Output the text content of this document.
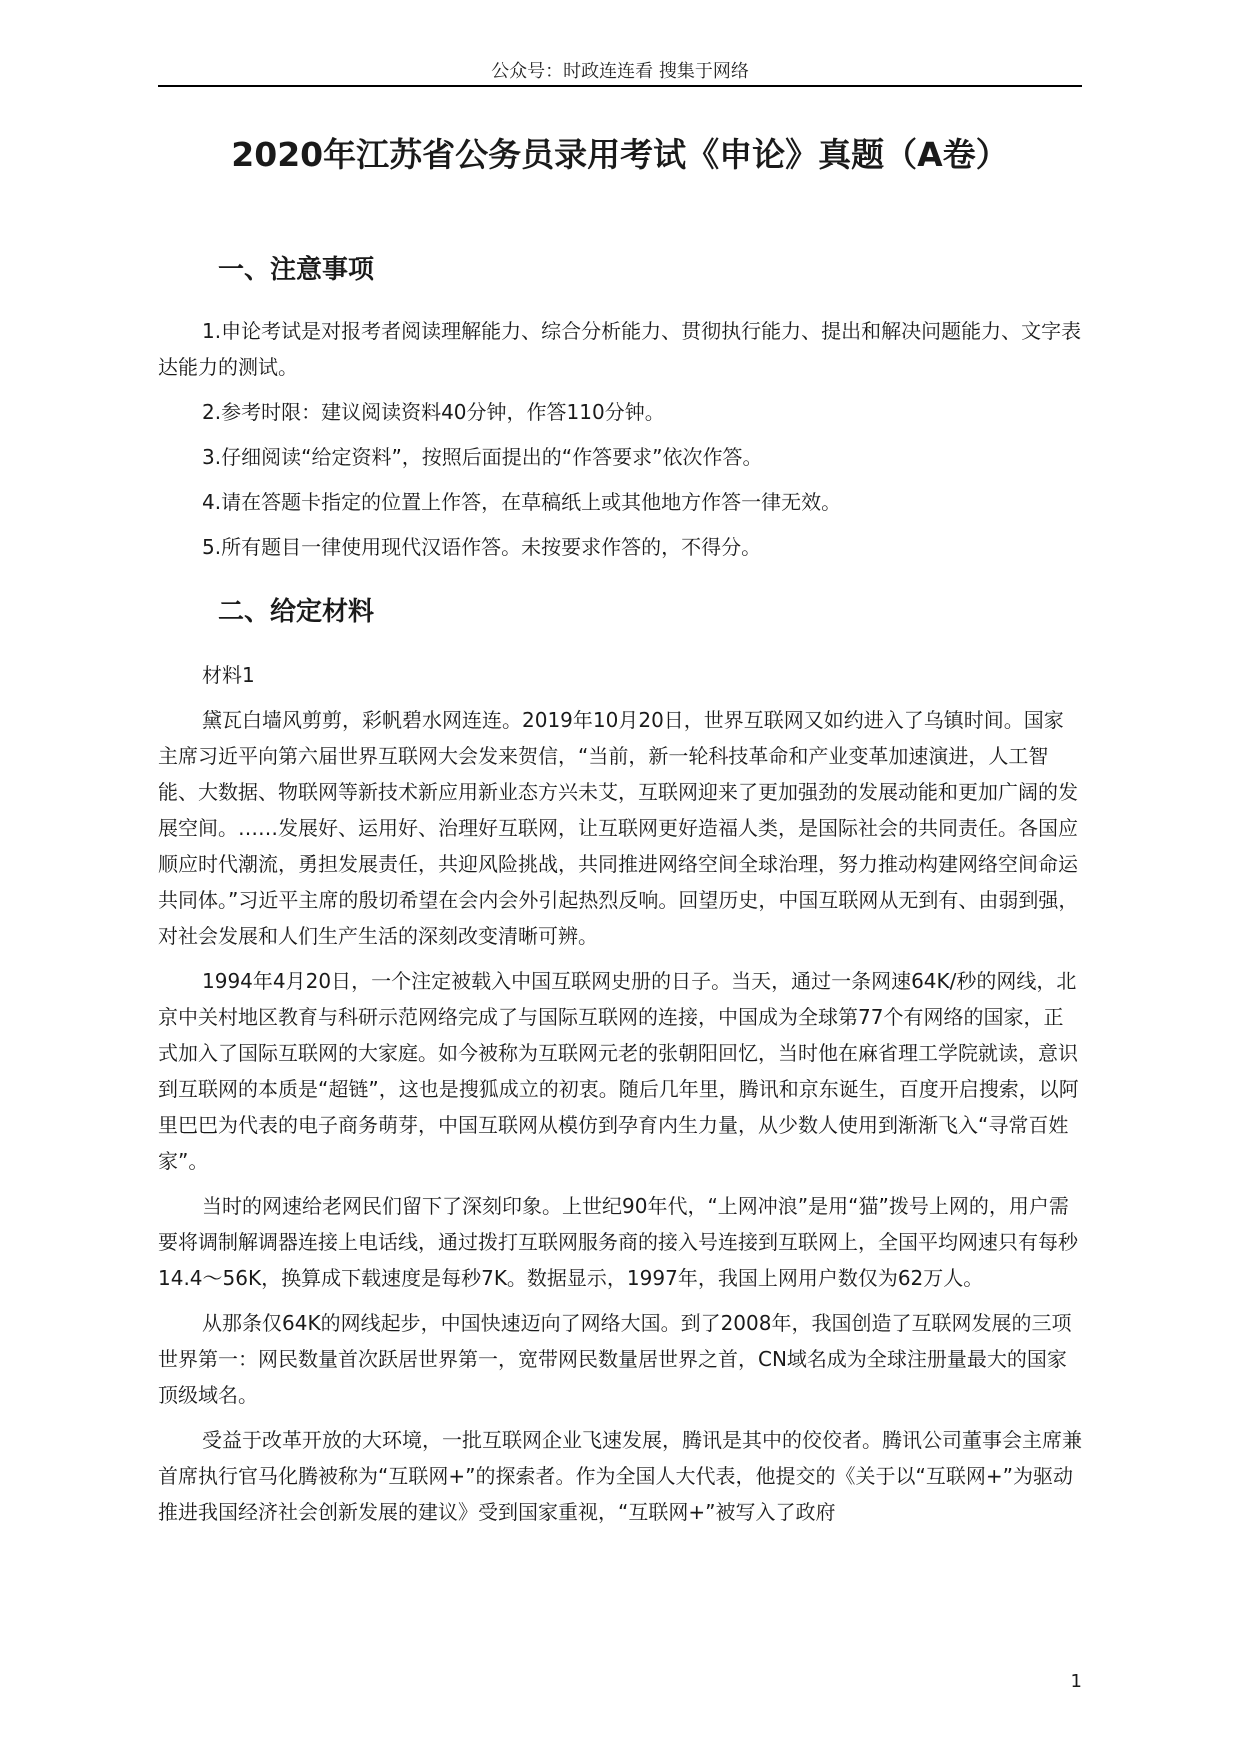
公众号：时政连连看 搜集于网络
2020年江苏省公务员录用考试《申论》真题（A卷）
一、注意事项

1.申论考试是对报考者阅读理解能力、综合分析能力、贯彻执行能力、提出和解决问题能力、文字表达能力的测试。

2.参考时限：建议阅读资料40分钟，作答110分钟。

3.仔细阅读“给定资料”，按照后面提出的“作答要求”依次作答。

4.请在答题卡指定的位置上作答，在草稿纸上或其他地方作答一律无效。

5.所有题目一律使用现代汉语作答。未按要求作答的，不得分。

二、给定材料
材料1

黛瓦白墙风剪剪，彩帆碧水网连连。2019年10月20日，世界互联网又如约进入了乌镇时间。国家主席习近平向第六届世界互联网大会发来贺信，“当前，新一轮科技革命和产业变革加速演进，人工智能、大数据、物联网等新技术新应用新业态方兴未艾，互联网迎来了更加强劲的发展动能和更加广阔的发展空间。……发展好、运用好、治理好互联网，让互联网更好造福人类，是国际社会的共同责任。各国应顺应时代潮流，勇担发展责任，共迎风险挑战，共同推进网络空间全球治理，努力推动构建网络空间命运共同体。”习近平主席的殷切希望在会内会外引起热烈反响。回望历史，中国互联网从无到有、由弱到强，对社会发展和人们生产生活的深刻改变清晰可辨。

1994年4月20日，一个注定被载入中国互联网史册的日子。当天，通过一条网速64K/秒的网线，北京中关村地区教育与科研示范网络完成了与国际互联网的连接，中国成为全球第77个有网络的国家，正式加入了国际互联网的大家庭。如今被称为互联网元老的张朝阳回忆，当时他在麻省理工学院就读，意识到互联网的本质是“超链”，这也是搜狐成立的初衷。随后几年里，腾讯和京东诞生，百度开启搜索，以阿里巴巴为代表的电子商务萌芽，中国互联网从模仿到孕育内生力量，从少数人使用到渐渐飞入“寻常百姓家”。

当时的网速给老网民们留下了深刻印象。上世纪90年代，“上网冲浪”是用“猫”拨号上网的，用户需要将调制解调器连接上电话线，通过拨打互联网服务商的接入号连接到互联网上，全国平均网速只有每秒14.4～56K，换算成下载速度是每秒7K。数据显示，1997年，我国上网用户数仅为62万人。

从那条仅64K的网线起步，中国快速迈向了网络大国。到了2008年，我国创造了互联网发展的三项世界第一：网民数量首次跃居世界第一，宽带网民数量居世界之首，CN域名成为全球注册量最大的国家顶级域名。

受益于改革开放的大环境，一批互联网企业飞速发展，腾讯是其中的佼佼者。腾讯公司董事会主席兼首席执行官马化腾被称为“互联网+”的探索者。作为全国人大代表，他提交的《关于以“互联网+”为驱动推进我国经济社会创新发展的建议》受到国家重视，“互联网+”被写入了政府

1
